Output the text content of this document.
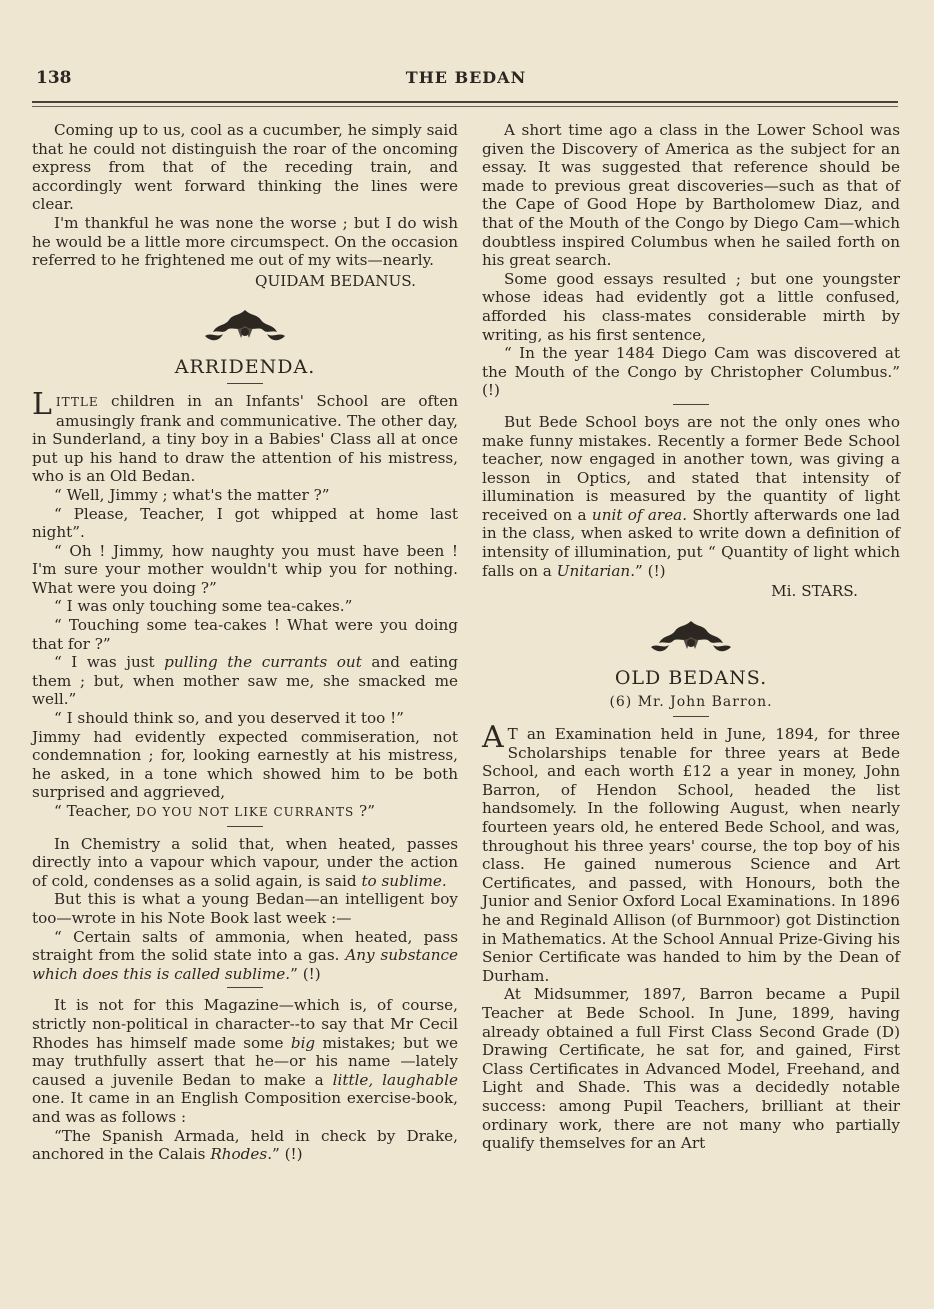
138	THE BEDAN

Coming up to us, cool as a cucumber, he simply said that he could not distinguish the roar of the oncoming express from that of the receding train, and accordingly went forward thinking the lines were clear.

I'm thankful he was none the worse ; but I do wish he would be a little more circumspect. On the occasion referred to he frightened me out of my wits—nearly.

QUIDAM BEDANUS.

ARRIDENDA.

LITTLE children in an Infants' School are often amusingly frank and communicative. The other day, in Sunderland, a tiny boy in a Babies' Class all at once put up his hand to draw the attention of his mistress, who is an Old Bedan.

“ Well, Jimmy ; what's the matter ?”

“ Please, Teacher, I got whipped at home last night”.

“ Oh ! Jimmy, how naughty you must have been ! I'm sure your mother wouldn't whip you for nothing. What were you doing ?”

“ I was only touching some tea-cakes.”

“ Touching some tea-cakes ! What were you doing that for ?”

“ I was just pulling the currants out and eating them ; but, when mother saw me, she smacked me well.”

“ I should think so, and you deserved it too !”

Jimmy had evidently expected commiseration, not condemnation ; for, looking earnestly at his mistress, he asked, in a tone which showed him to be both surprised and aggrieved,

“ Teacher, DO YOU NOT LIKE CURRANTS ?”

In Chemistry a solid that, when heated, passes directly into a vapour which vapour, under the action of cold, condenses as a solid again, is said to sublime.

But this is what a young Bedan—an intelligent boy too—wrote in his Note Book last week :—

“ Certain salts of ammonia, when heated, pass straight from the solid state into a gas. Any substance which does this is called sublime.” (!)

It is not for this Magazine—which is, of course, strictly non-political in character--to say that Mr Cecil Rhodes has himself made some big mistakes; but we may truthfully assert that he—or his name —lately caused a juvenile Bedan to make a little, laughable one. It came in an English Composition exercise-book, and was as follows :

“The Spanish Armada, held in check by Drake, anchored in the Calais Rhodes.” (!)

A short time ago a class in the Lower School was given the Discovery of America as the subject for an essay. It was suggested that reference should be made to previous great discoveries—such as that of the Cape of Good Hope by Bartholomew Diaz, and that of the Mouth of the Congo by Diego Cam—which doubtless inspired Columbus when he sailed forth on his great search.

Some good essays resulted ; but one youngster whose ideas had evidently got a little confused, afforded his class-mates considerable mirth by writing, as his first sentence,

“ In the year 1484 Diego Cam was discovered at the Mouth of the Congo by Christopher Columbus.” (!)

But Bede School boys are not the only ones who make funny mistakes. Recently a former Bede School teacher, now engaged in another town, was giving a lesson in Optics, and stated that intensity of illumination is measured by the quantity of light received on a unit of area. Shortly afterwards one lad in the class, when asked to write down a definition of intensity of illumination, put “ Quantity of light which falls on a Unitarian.” (!)

Mi. STARS.

OLD BEDANS.

(6) Mr. John Barron.

A T an Examination held in June, 1894, for three Scholarships tenable for three years at Bede School, and each worth £12 a year in money, John Barron, of Hendon School, headed the list handsomely. In the following August, when nearly fourteen years old, he entered Bede School, and was, throughout his three years' course, the top boy of his class. He gained numerous Science and Art Certificates, and passed, with Honours, both the Junior and Senior Oxford Local Examinations. In 1896 he and Reginald Allison (of Burnmoor) got Distinction in Mathematics. At the School Annual Prize-Giving his Senior Certificate was handed to him by the Dean of Durham.

At Midsummer, 1897, Barron became a Pupil Teacher at Bede School. In June, 1899, having already obtained a full First Class Second Grade (D) Drawing Certificate, he sat for, and gained, First Class Certificates in Advanced Model, Freehand, and Light and Shade. This was a decidedly notable success: among Pupil Teachers, brilliant at their ordinary work, there are not many who partially qualify themselves for an Art
